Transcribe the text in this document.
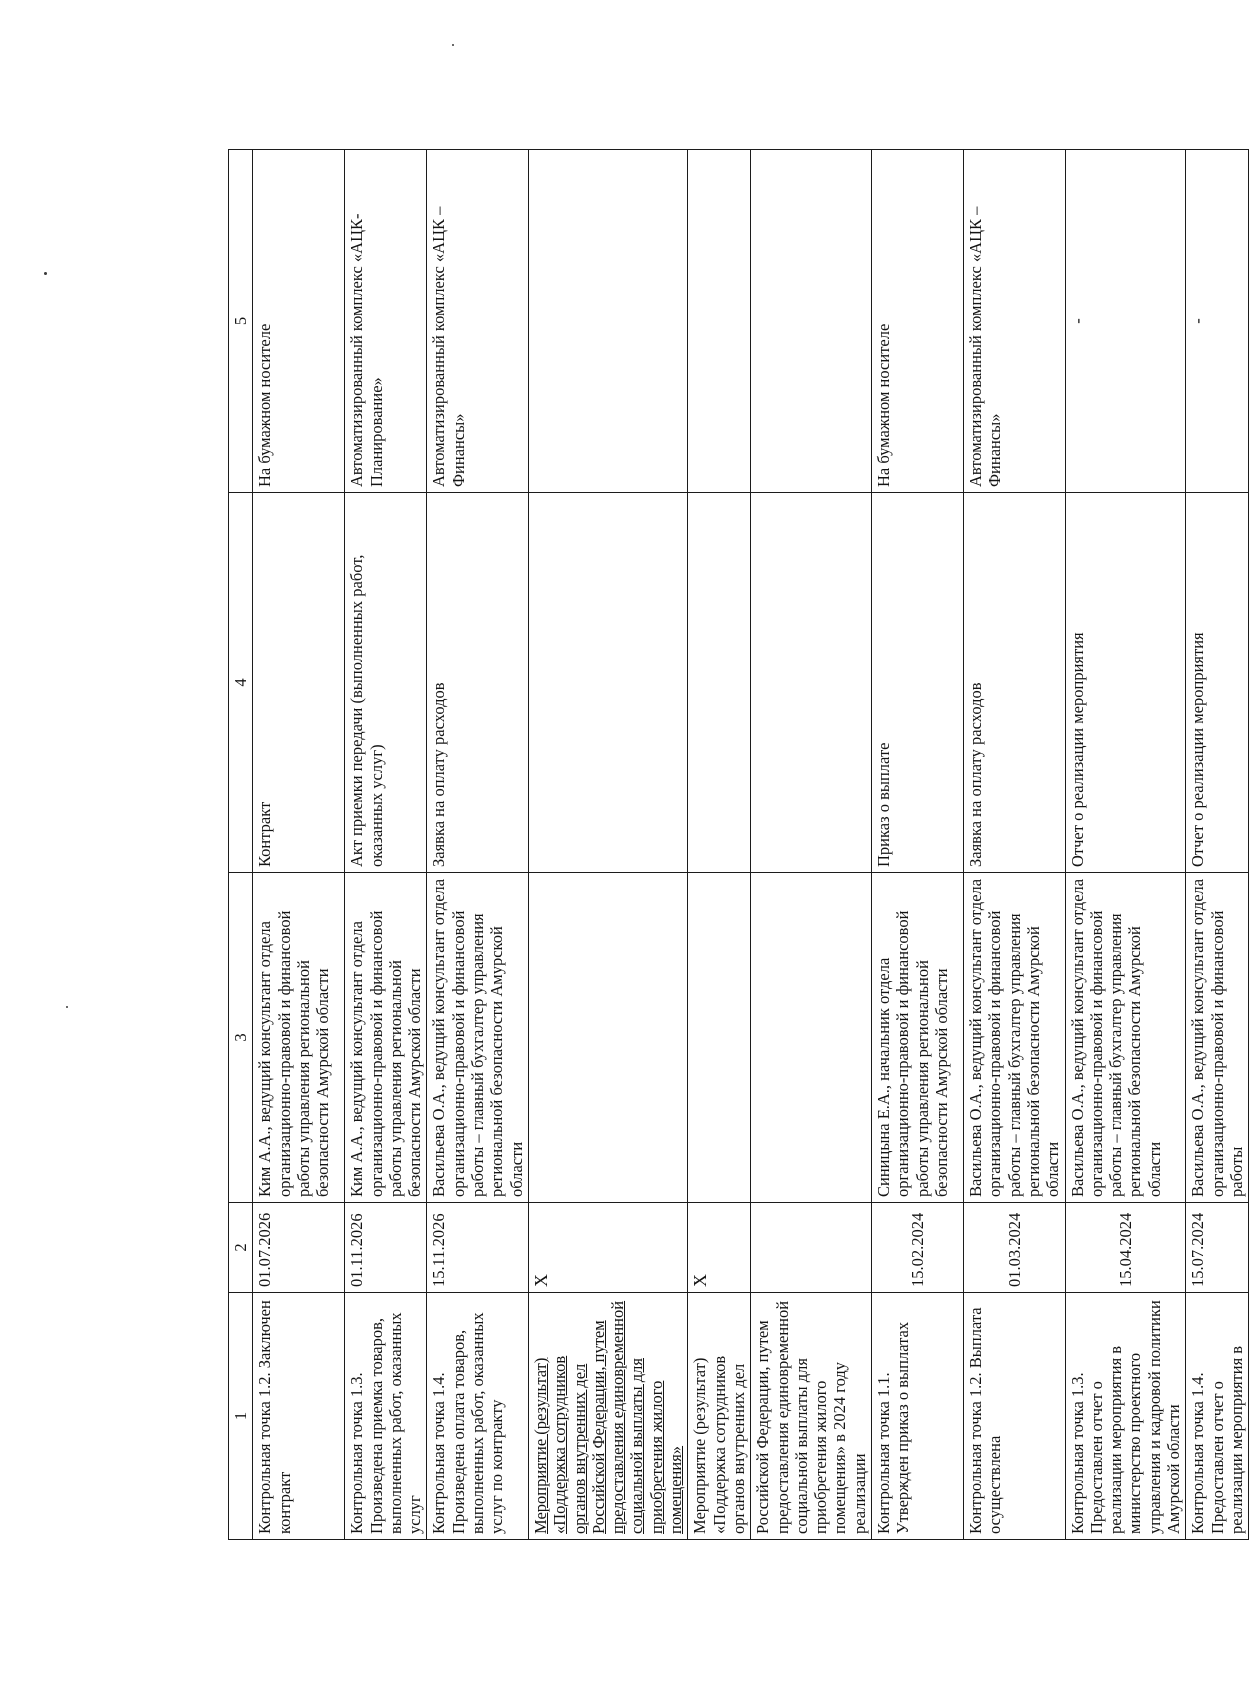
1	2	3	4	5
Контрольная точка 1.2. Заключен контракт	01.07.2026	Ким А.А., ведущий консультант отдела организационно-правовой и финансовой работы управления региональной безопасности Амурской области	Контракт	На бумажном носителе
Контрольная точка 1.3. Произведена приемка товаров, выполненных работ, оказанных услуг	01.11.2026	Ким А.А., ведущий консультант отдела организационно-правовой и финансовой работы управления региональной безопасности Амурской области	Акт приемки передачи (выполненных работ, оказанных услуг)	Автоматизированный комплекс «АЦК-Планирование»
Контрольная точка 1.4. Произведена оплата товаров, выполненных работ, оказанных услуг по контракту	15.11.2026	Васильева О.А., ведущий консультант отдела организационно-правовой и финансовой работы – главный бухгалтер управления региональной безопасности Амурской области	Заявка на оплату расходов	Автоматизированный комплекс «АЦК – Финансы»
Мероприятие (результат) «Поддержка сотрудников органов внутренних дел Российской Федерации, путем предоставления единовременной социальной выплаты для приобретения жилого помещения»	X			
Мероприятие (результат) «Поддержка сотрудников органов внутренних дел	X			
Российской Федерации, путем предоставления единовременной социальной выплаты для приобретения жилого помещения» в 2024 году реализации				
Контрольная точка 1.1. Утвержден приказ о выплатах	15.02.2024	Синицына Е.А., начальник отдела организационно-правовой и финансовой работы управления региональной безопасности Амурской области	Приказ о выплате	На бумажном носителе
Контрольная точка 1.2. Выплата осуществлена	01.03.2024	Васильева О.А., ведущий консультант отдела организационно-правовой и финансовой работы – главный бухгалтер управления региональной безопасности Амурской области	Заявка на оплату расходов	Автоматизированный комплекс «АЦК – Финансы»
Контрольная точка 1.3. Предоставлен отчет о реализации мероприятия в министерство проектного управления и кадровой политики Амурской области	15.04.2024	Васильева О.А., ведущий консультант отдела организационно-правовой и финансовой работы – главный бухгалтер управления региональной безопасности Амурской области	Отчет о реализации мероприятия	-
Контрольная точка 1.4. Предоставлен отчет о реализации мероприятия в	15.07.2024	Васильева О.А., ведущий консультант отдела организационно-правовой и финансовой работы	Отчет о реализации мероприятия	-
